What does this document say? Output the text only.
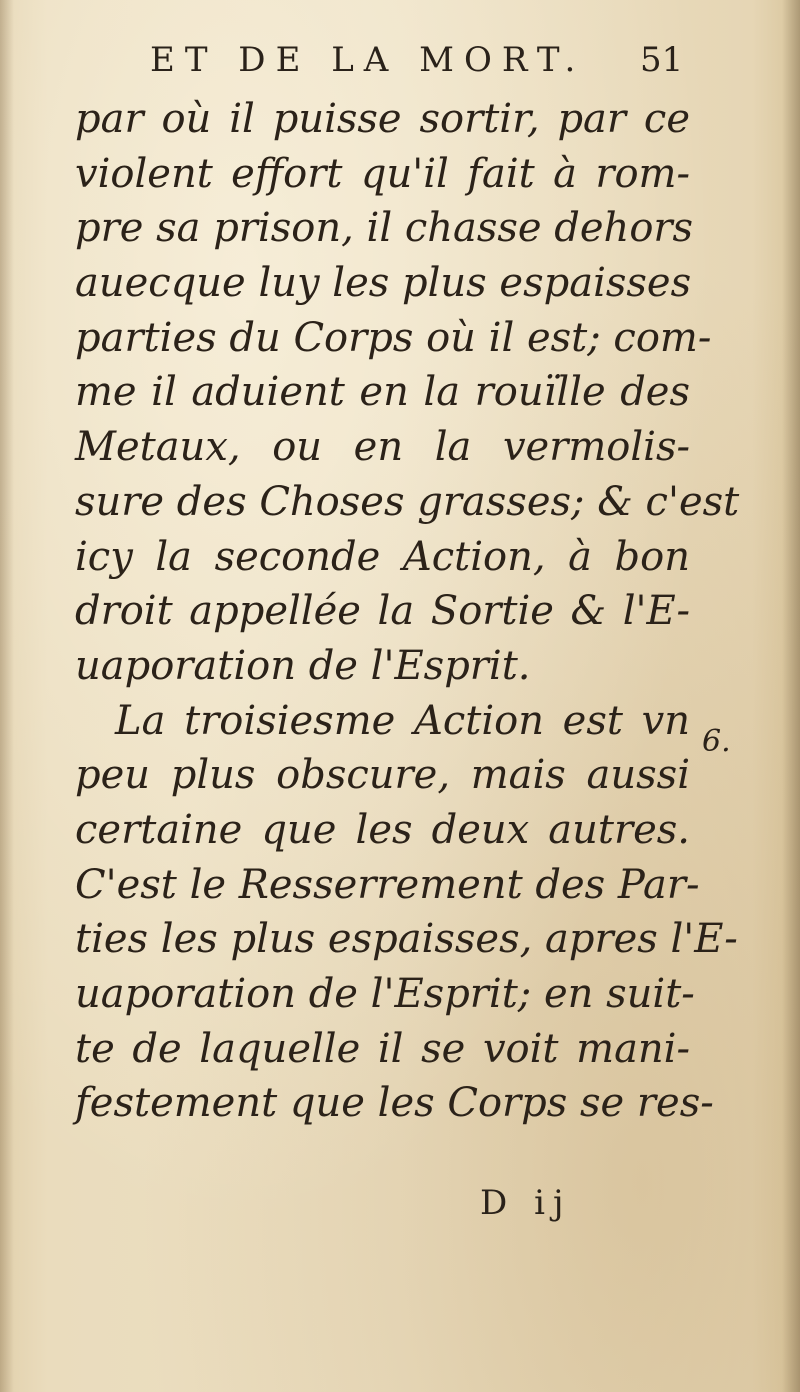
ET DE LA MORT. 51
par où il puisse sortir, par ce
violent effort qu'il fait à rom-
pre sa prison, il chasse dehors
auecque luy les plus espaisses
parties du Corps où il est; com-
me il aduient en la rouïlle des
Metaux, ou en la vermolis-
sure des Choses grasses; & c'est
icy la seconde Action, à bon
droit appellée la Sortie & l'E-
uaporation de l'Esprit.
La troisiesme Action est vn
peu plus obscure, mais aussi
certaine que les deux autres.
C'est le Resserrement des Par-
ties les plus espaisses, apres l'E-
uaporation de l'Esprit; en suit-
te de laquelle il se voit mani-
festement que les Corps se res-
6.
D ij
